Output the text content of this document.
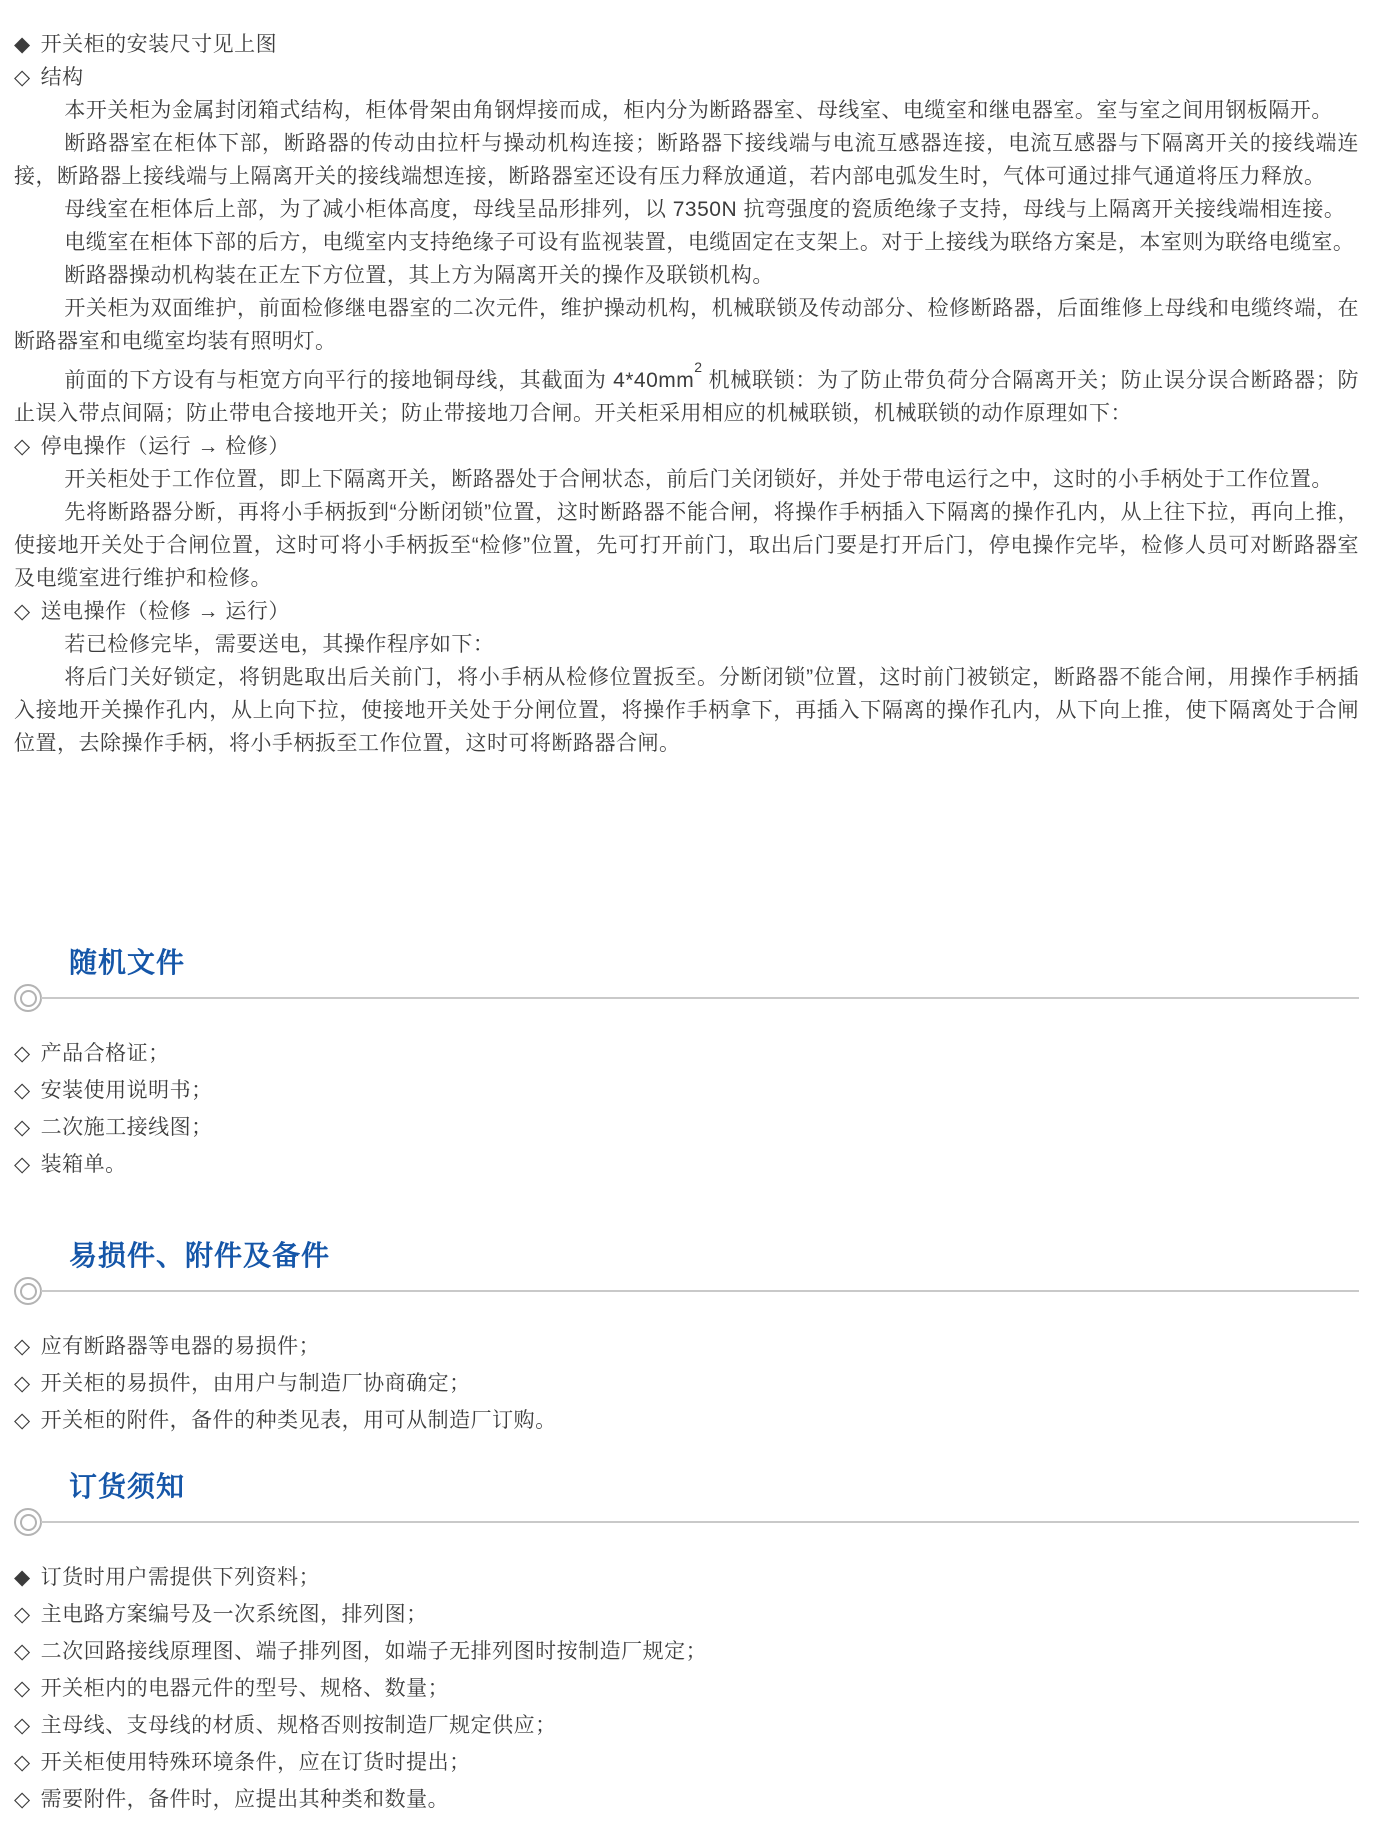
◆ 开关柜的安装尺寸见上图

◇ 结构

本开关柜为金属封闭箱式结构，柜体骨架由角钢焊接而成，柜内分为断路器室、母线室、电缆室和继电器室。室与室之间用钢板隔开。

断路器室在柜体下部，断路器的传动由拉杆与操动机构连接；断路器下接线端与电流互感器连接，电流互感器与下隔离开关的接线端连接，断路器上接线端与上隔离开关的接线端想连接，断路器室还设有压力释放通道，若内部电弧发生时，气体可通过排气通道将压力释放。

母线室在柜体后上部，为了减小柜体高度，母线呈品形排列，以 7350N 抗弯强度的瓷质绝缘子支持，母线与上隔离开关接线端相连接。

电缆室在柜体下部的后方，电缆室内支持绝缘子可设有监视装置，电缆固定在支架上。对于上接线为联络方案是，本室则为联络电缆室。

断路器操动机构装在正左下方位置，其上方为隔离开关的操作及联锁机构。

开关柜为双面维护，前面检修继电器室的二次元件，维护操动机构，机械联锁及传动部分、检修断路器，后面维修上母线和电缆终端，在断路器室和电缆室均装有照明灯。

前面的下方设有与柜宽方向平行的接地铜母线，其截面为 $4*40mm^2$ 机械联锁：为了防止带负荷分合隔离开关；防止误分误合断路器；防止误入带点间隔；防止带电合接地开关；防止带接地刀合闸。开关柜采用相应的机械联锁，机械联锁的动作原理如下：

◇ 停电操作（运行 → 检修）

开关柜处于工作位置，即上下隔离开关，断路器处于合闸状态，前后门关闭锁好，并处于带电运行之中，这时的小手柄处于工作位置。

先将断路器分断，再将小手柄扳到“分断闭锁”位置，这时断路器不能合闸，将操作手柄插入下隔离的操作孔内，从上往下拉，再向上推，使接地开关处于合闸位置，这时可将小手柄扳至“检修”位置，先可打开前门，取出后门要是打开后门，停电操作完毕，检修人员可对断路器室及电缆室进行维护和检修。

◇ 送电操作（检修 → 运行）

若已检修完毕，需要送电，其操作程序如下：

将后门关好锁定，将钥匙取出后关前门，将小手柄从检修位置扳至。分断闭锁”位置，这时前门被锁定，断路器不能合闸，用操作手柄插入接地开关操作孔内，从上向下拉，使接地开关处于分闸位置，将操作手柄拿下，再插入下隔离的操作孔内，从下向上推，使下隔离处于合闸位置，去除操作手柄，将小手柄扳至工作位置，这时可将断路器合闸。

随机文件

◇ 产品合格证；

◇ 安装使用说明书；

◇ 二次施工接线图；

◇ 装箱单。

易损件、附件及备件

◇ 应有断路器等电器的易损件；

◇ 开关柜的易损件，由用户与制造厂协商确定；

◇ 开关柜的附件，备件的种类见表，用可从制造厂订购。

订货须知

◆ 订货时用户需提供下列资料；

◇ 主电路方案编号及一次系统图，排列图；

◇ 二次回路接线原理图、端子排列图，如端子无排列图时按制造厂规定；

◇ 开关柜内的电器元件的型号、规格、数量；

◇ 主母线、支母线的材质、规格否则按制造厂规定供应；

◇ 开关柜使用特殊环境条件，应在订货时提出；

◇ 需要附件，备件时，应提出其种类和数量。
